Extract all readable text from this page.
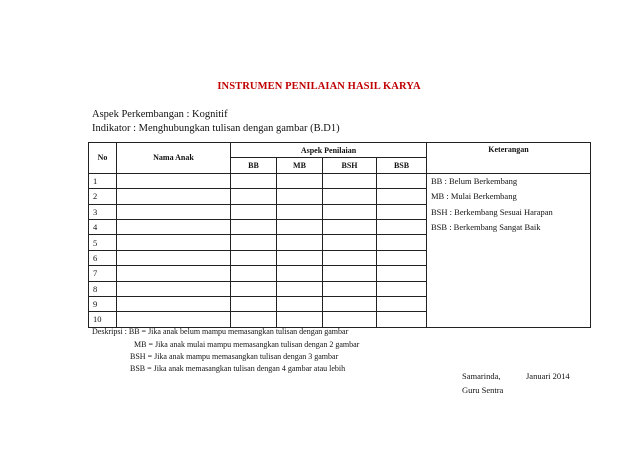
INSTRUMEN PENILAIAN HASIL KARYA
Aspek Perkembangan : Kognitif
Indikator : Menghubungkan tulisan dengan gambar (B.D1)
No	Nama Anak	Aspek Penilaian				Keterangan
		BB	MB	BSH	BSB	
1						BB : Belum Berkembang
2						MB : Mulai Berkembang
3						BSH : Berkembang Sesuai Harapan
4						BSB : Berkembang Sangat Baik
5						
6						
7						
8						
9						
10						
Deskripsi : BB = Jika anak belum mampu memasangkan tulisan dengan gambar
MB = Jika anak mulai mampu memasangkan tulisan dengan 2 gambar
BSH = Jika anak mampu memasangkan tulisan dengan 3 gambar
BSB = Jika anak memasangkan tulisan dengan 4 gambar atau lebih
Samarinda,	Januari 2014
Guru Sentra
